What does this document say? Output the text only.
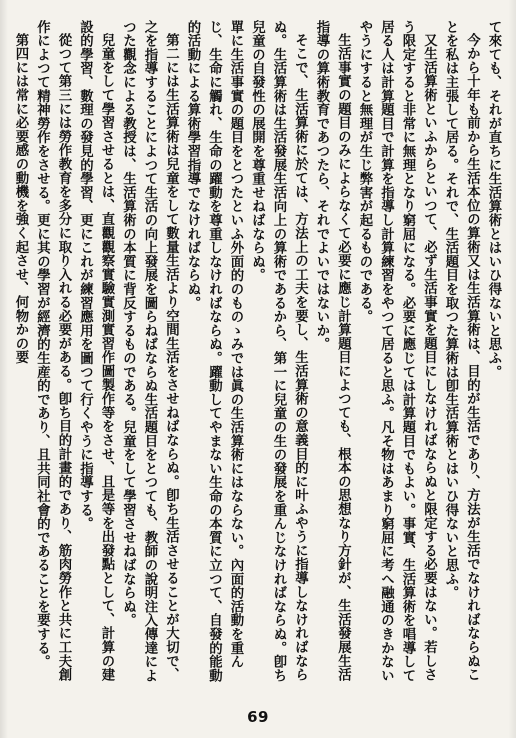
て來ても、それが直ちに生活算術とはいひ得ないと思ふ。

今から十年も前から生活本位の算術又は生活算術は、目的が生活であり、方法が生活でなければならぬことを私は主張して居る。それで、生活題目を取つた算術は卽生活算術とはいひ得ないと思ふ。

又生活算術といふからといつて、必ず生活事實を題目にしなければならぬと限定する必要はない。若しさう限定すると非常に無理となり窮屈になる。必要に應じては計算題目でもよい。事實、生活算術を唱導して居る人は計算題目で計算を指導し計算練習をやつて居ると思ふ。凡そ物はあまり窮屈に考へ融通のきかないやうにすると無理が生じ弊害が起るものである。

生活事實の題目のみによらなくて必要に應じ計算題目によつても、根本の思想なり方針が、生活發展生活指導の算術教育であつたら、それでよいではないか。

そこで、生活算術に於ては、方法上の工夫を要し、生活算術の意義目的に叶ふやうに指導しなければならぬ。生活算術は生活發展生活向上の算術であるから、第一に兒童の生の發展を重んじなければならぬ。卽ち兒童の自發性の展開を尊重せねばならぬ。

單に生活事實の題目をとつたといふ外面的のものゝみでは眞の生活算術にはならない。內面的活動を重んじ、生命に觸れ、生命の躍動を尊重しなければならぬ。躍動してやまない生命の本質に立つて、自發的能動的活動による算術學習指導でなければならぬ。

第二には生活算術は兒童をして數量生活より空間生活をさせねばならぬ。卽ち生活させることが大切で、之を指導することによつて生活の向上發展を圖らねばならぬ生活題目をとつても、教師の說明注入傳達によつた觀念による教授は、生活算術の本質に背反するものである。兒童をして學習させねばならぬ。

兒童をして學習させるとは、直觀觀察實驗實測實習作圖製作等をさせ、且是等を出發點として、計算の建設的學習、數理の發見的學習、更にこれが練習應用を圖つて行くやうに指導する。

從つて第三には勞作教育を多分に取り入れる必要がある。卽ち目的計畫的であり、筋肉勞作と共に工夫創作によつて精神勞作をさせる。更に其の學習が經濟的生産的であり、且共同社會的であることを要する。

第四には常に必要感の動機を強く起させ、何物かの要

69
